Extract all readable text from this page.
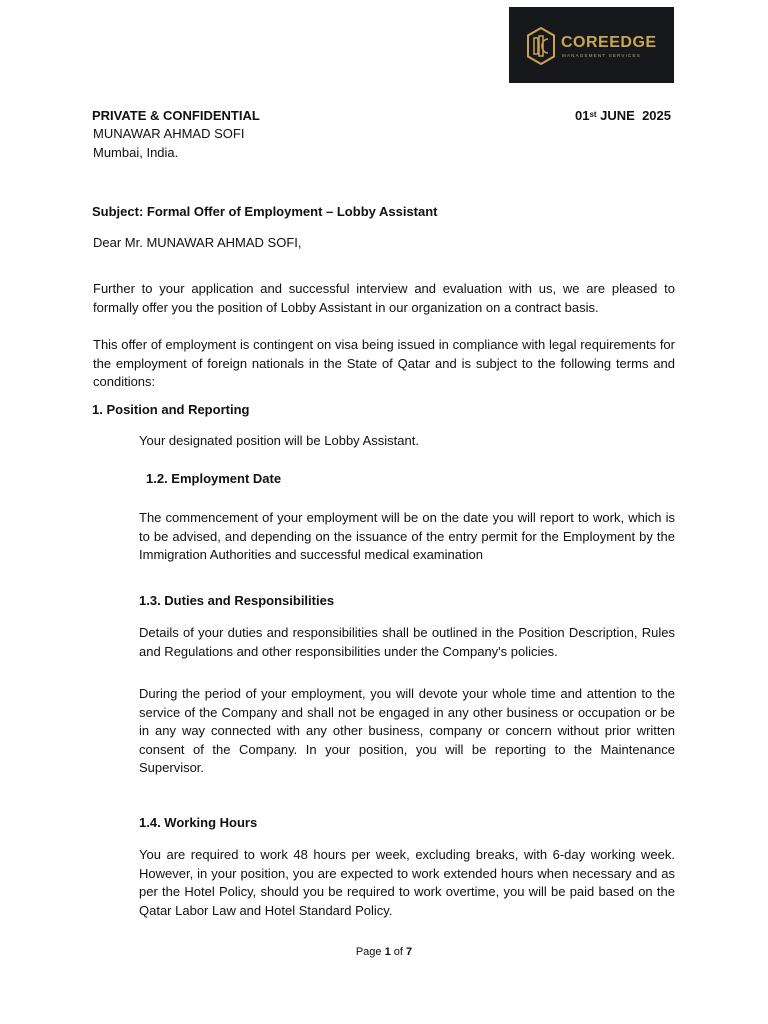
COREEDGE
MANAGEMENT SERVICES
PRIVATE & CONFIDENTIAL	01st JUNE  2025
MUNAWAR AHMAD SOFI
Mumbai, India.
Subject: Formal Offer of Employment – Lobby Assistant
Dear Mr. MUNAWAR AHMAD SOFI,
Further to your application and successful interview and evaluation with us, we are pleased to formally offer you the position of Lobby Assistant in our organization on a contract basis.
This offer of employment is contingent on visa being issued in compliance with legal requirements for the employment of foreign nationals in the State of Qatar and is subject to the following terms and conditions:
1. Position and Reporting
Your designated position will be Lobby Assistant.
1.2. Employment Date
The commencement of your employment will be on the date you will report to work, which is to be advised, and depending on the issuance of the entry permit for the Employment by the Immigration Authorities and successful medical examination
1.3. Duties and Responsibilities
Details of your duties and responsibilities shall be outlined in the Position Description, Rules and Regulations and other responsibilities under the Company's policies.
During the period of your employment, you will devote your whole time and attention to the service of the Company and shall not be engaged in any other business or occupation or be in any way connected with any other business, company or concern without prior written consent of the Company. In your position, you will be reporting to the Maintenance Supervisor.
1.4. Working Hours
You are required to work 48 hours per week, excluding breaks, with 6-day working week. However, in your position, you are expected to work extended hours when necessary and as per the Hotel Policy, should you be required to work overtime, you will be paid based on the Qatar Labor Law and Hotel Standard Policy.
Page 1 of 7
